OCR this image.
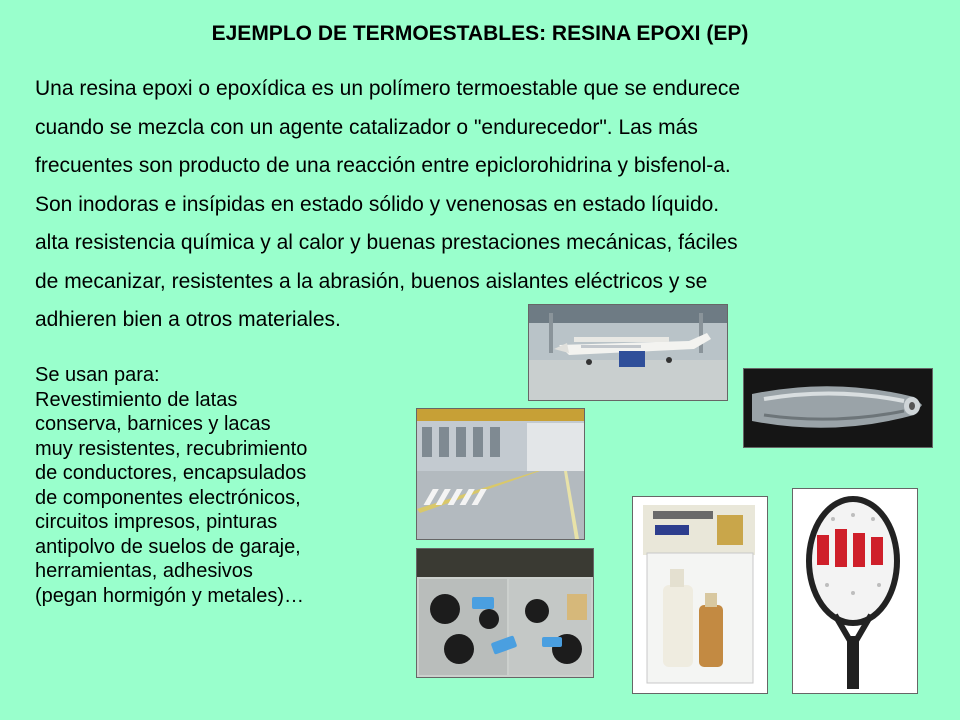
EJEMPLO DE TERMOESTABLES: RESINA EPOXI (EP)
Una resina epoxi o epoxídica es un polímero termoestable que se endurece
cuando se mezcla con un agente catalizador o "endurecedor". Las más
frecuentes son producto de una reacción entre epiclorohidrina y bisfenol-a.
Son inodoras e insípidas en estado sólido y venenosas en estado líquido.
alta resistencia química y al calor y buenas prestaciones mecánicas, fáciles
de mecanizar, resistentes a la abrasión, buenos aislantes eléctricos y se
adhieren bien a otros materiales.
Se usan para:
Revestimiento de latas
conserva, barnices y lacas
muy resistentes, recubrimiento
de conductores, encapsulados
de componentes electrónicos,
circuitos impresos, pinturas
antipolvo de suelos de garaje,
herramientas, adhesivos
(pegan hormigón y metales)…
